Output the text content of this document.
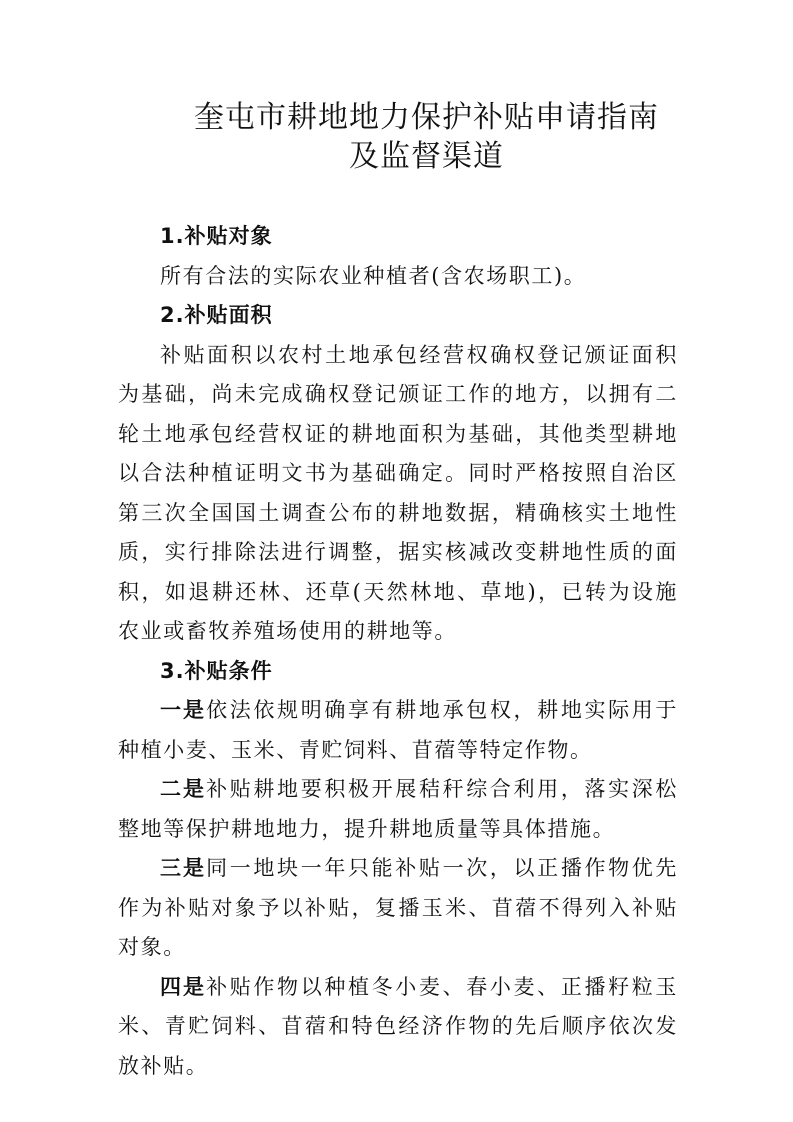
奎屯市耕地地力保护补贴申请指南
及监督渠道

1.补贴对象

所有合法的实际农业种植者(含农场职工)。

2.补贴面积

补贴面积以农村土地承包经营权确权登记颁证面积为基础，尚未完成确权登记颁证工作的地方，以拥有二轮土地承包经营权证的耕地面积为基础，其他类型耕地以合法种植证明文书为基础确定。同时严格按照自治区第三次全国国土调查公布的耕地数据，精确核实土地性质，实行排除法进行调整，据实核减改变耕地性质的面积，如退耕还林、还草(天然林地、草地)，已转为设施农业或畜牧养殖场使用的耕地等。

3.补贴条件

一是依法依规明确享有耕地承包权，耕地实际用于种植小麦、玉米、青贮饲料、苜蓿等特定作物。

二是补贴耕地要积极开展秸秆综合利用，落实深松整地等保护耕地地力，提升耕地质量等具体措施。

三是同一地块一年只能补贴一次，以正播作物优先作为补贴对象予以补贴，复播玉米、苜蓿不得列入补贴对象。

四是补贴作物以种植冬小麦、春小麦、正播籽粒玉米、青贮饲料、苜蓿和特色经济作物的先后顺序依次发放补贴。
